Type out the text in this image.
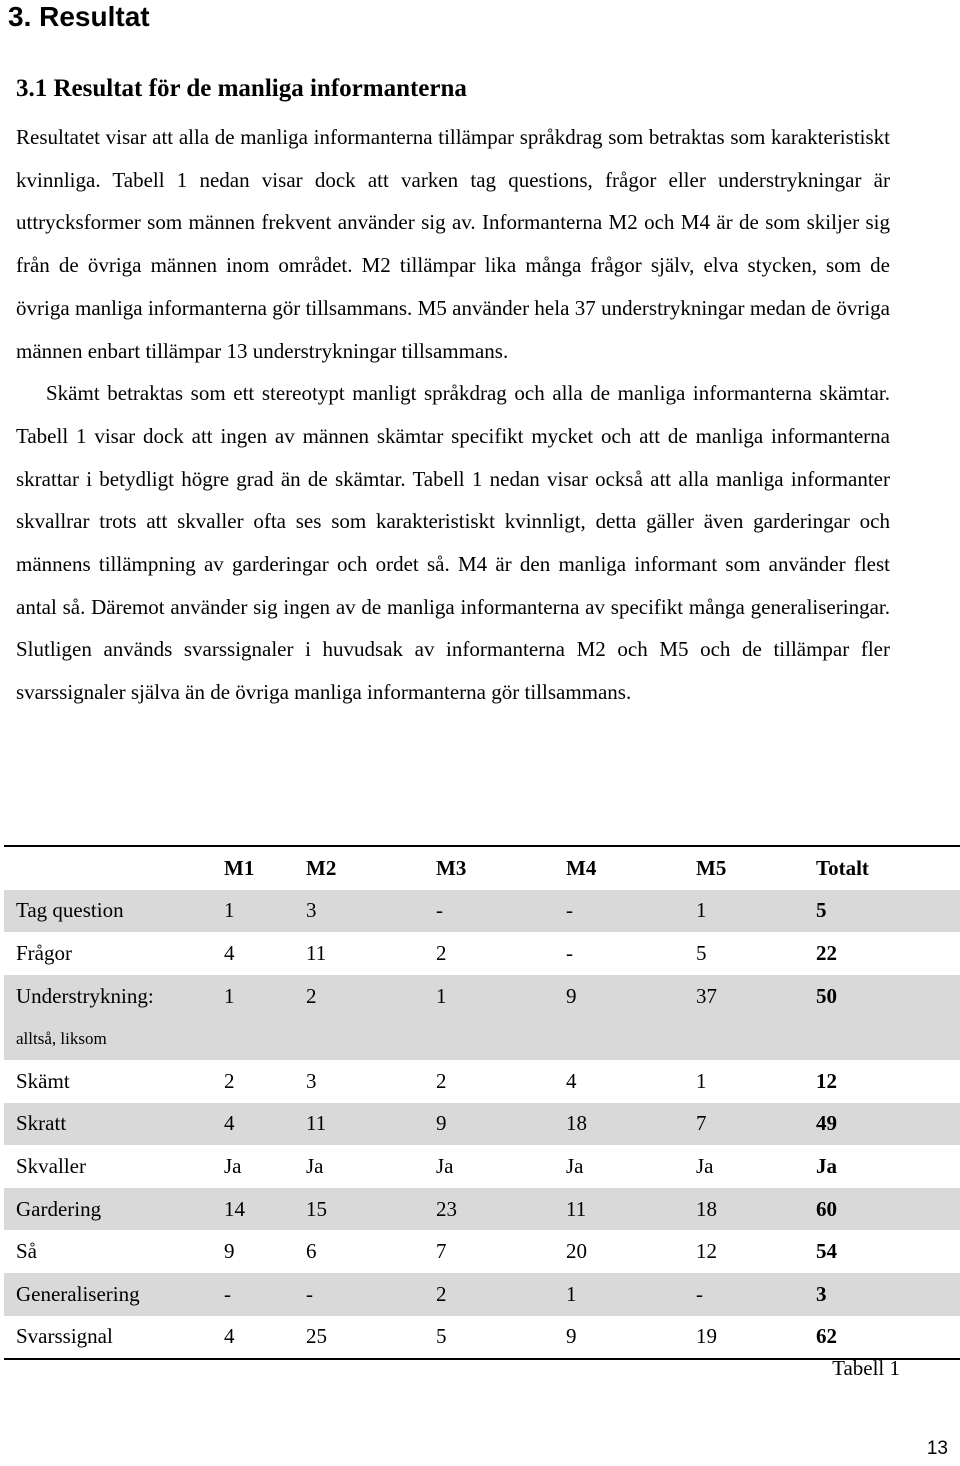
3. Resultat
3.1 Resultat för de manliga informanterna

Resultatet visar att alla de manliga informanterna tillämpar språkdrag som betraktas som karakteristiskt kvinnliga. Tabell 1 nedan visar dock att varken tag questions, frågor eller understrykningar är uttrycksformer som männen frekvent använder sig av. Informanterna M2 och M4 är de som skiljer sig från de övriga männen inom området. M2 tillämpar lika många frågor själv, elva stycken, som de övriga manliga informanterna gör tillsammans. M5 använder hela 37 understrykningar medan de övriga männen enbart tillämpar 13 understrykningar tillsammans.

Skämt betraktas som ett stereotypt manligt språkdrag och alla de manliga informanterna skämtar. Tabell 1 visar dock att ingen av männen skämtar specifikt mycket och att de manliga informanterna skrattar i betydligt högre grad än de skämtar. Tabell 1 nedan visar också att alla manliga informanter skvallrar trots att skvaller ofta ses som karakteristiskt kvinnligt, detta gäller även garderingar och männens tillämpning av garderingar och ordet så. M4 är den manliga informant som använder flest antal så. Däremot använder sig ingen av de manliga informanterna av specifikt många generaliseringar. Slutligen används svarssignaler i huvudsak av informanterna M2 och M5 och de tillämpar fler svarssignaler själva än de övriga manliga informanterna gör tillsammans.

	M1	M2	M3	M4	M5	Totalt
Tag question	1	3	-	-	1	5
Frågor	4	11	2	-	5	22
Understrykning:	1	2	1	9	37	50
alltså, liksom						
Skämt	2	3	2	4	1	12
Skratt	4	11	9	18	7	49
Skvaller	Ja	Ja	Ja	Ja	Ja	Ja
Gardering	14	15	23	11	18	60
Så	9	6	7	20	12	54
Generalisering	-	-	2	1	-	3
Svarssignal	4	25	5	9	19	62
Tabell 1
13
